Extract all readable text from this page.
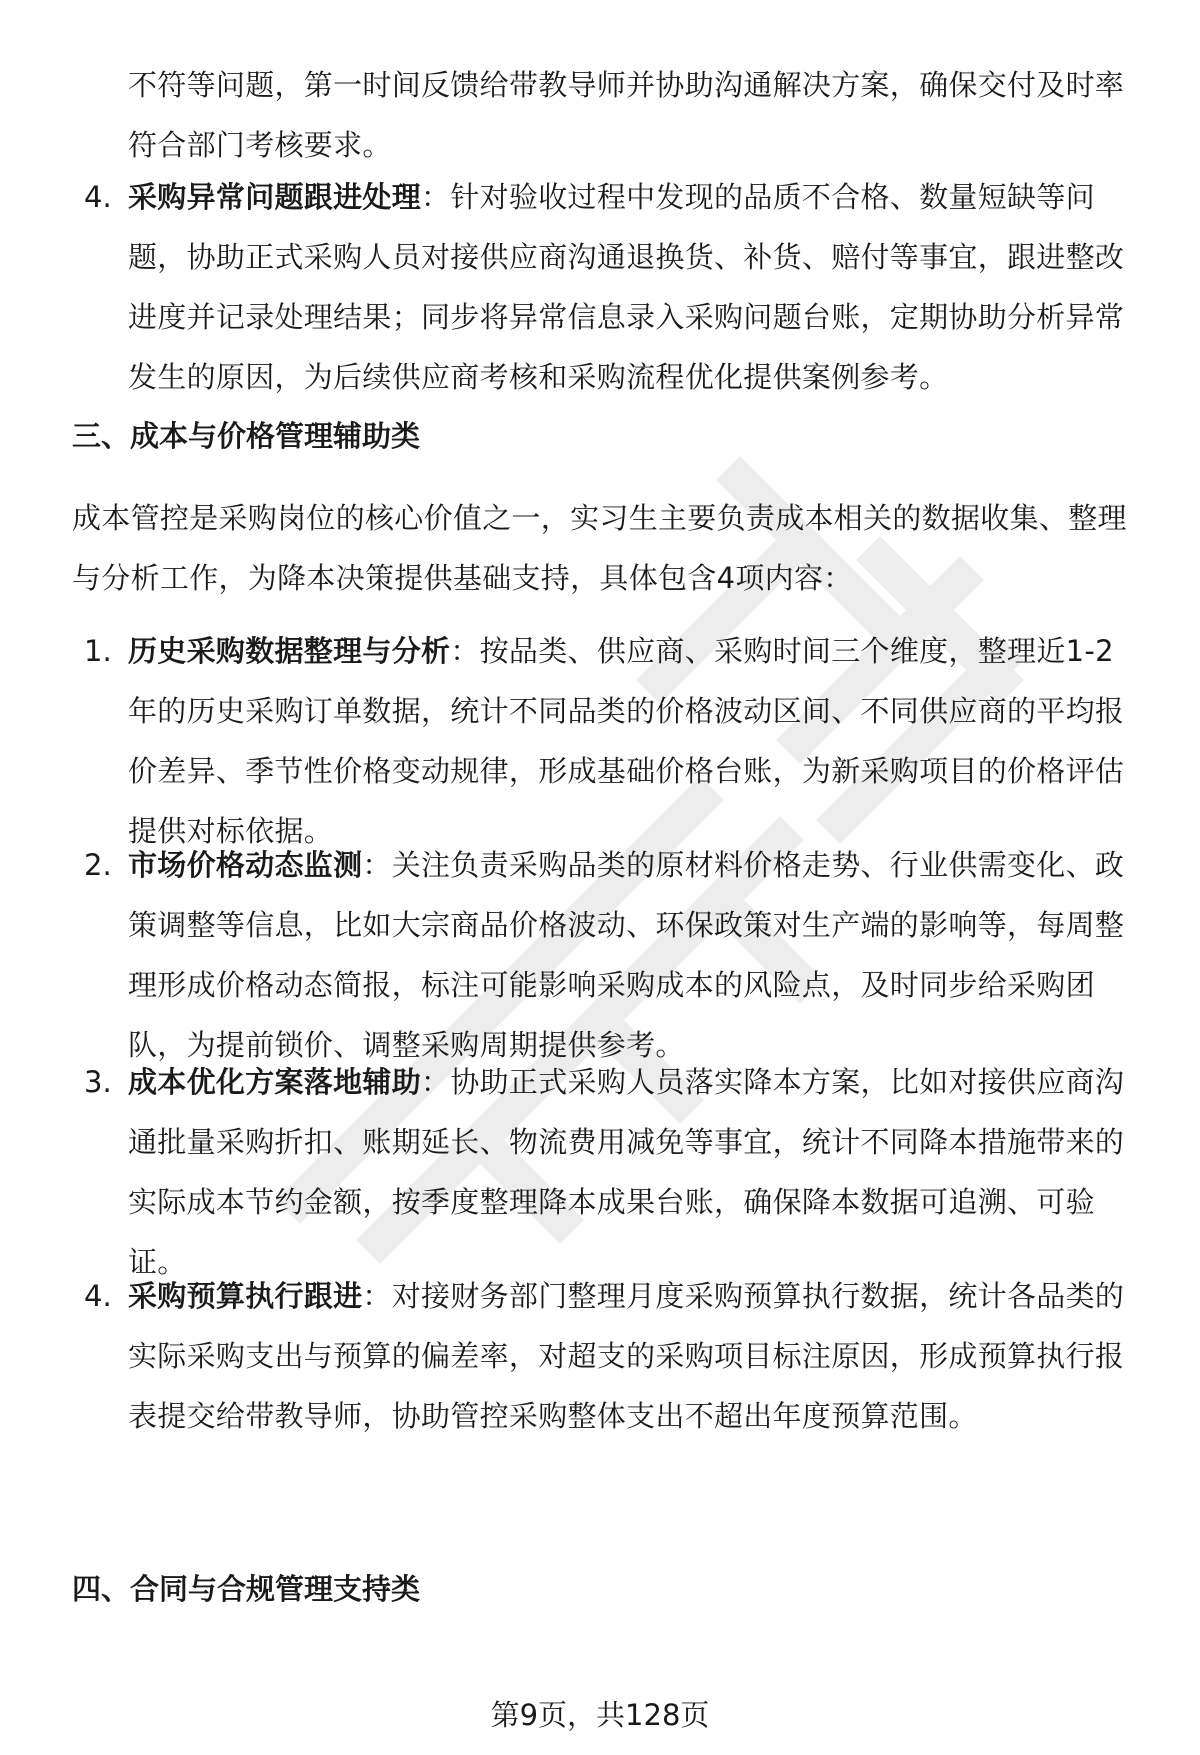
不符等问题，第一时间反馈给带教导师并协助沟通解决方案，确保交付及时率符合部门考核要求。
4. 采购异常问题跟进处理：针对验收过程中发现的品质不合格、数量短缺等问题，协助正式采购人员对接供应商沟通退换货、补货、赔付等事宜，跟进整改进度并记录处理结果；同步将异常信息录入采购问题台账，定期协助分析异常发生的原因，为后续供应商考核和采购流程优化提供案例参考。
三、成本与价格管理辅助类
成本管控是采购岗位的核心价值之一，实习生主要负责成本相关的数据收集、整理与分析工作，为降本决策提供基础支持，具体包含4项内容：
1. 历史采购数据整理与分析：按品类、供应商、采购时间三个维度，整理近1-2年的历史采购订单数据，统计不同品类的价格波动区间、不同供应商的平均报价差异、季节性价格变动规律，形成基础价格台账，为新采购项目的价格评估提供对标依据。
2. 市场价格动态监测：关注负责采购品类的原材料价格走势、行业供需变化、政策调整等信息，比如大宗商品价格波动、环保政策对生产端的影响等，每周整理形成价格动态简报，标注可能影响采购成本的风险点，及时同步给采购团队，为提前锁价、调整采购周期提供参考。
3. 成本优化方案落地辅助：协助正式采购人员落实降本方案，比如对接供应商沟通批量采购折扣、账期延长、物流费用减免等事宜，统计不同降本措施带来的实际成本节约金额，按季度整理降本成果台账，确保降本数据可追溯、可验证。
4. 采购预算执行跟进：对接财务部门整理月度采购预算执行数据，统计各品类的实际采购支出与预算的偏差率，对超支的采购项目标注原因，形成预算执行报表提交给带教导师，协助管控采购整体支出不超出年度预算范围。
四、合同与合规管理支持类
第9页，共128页
